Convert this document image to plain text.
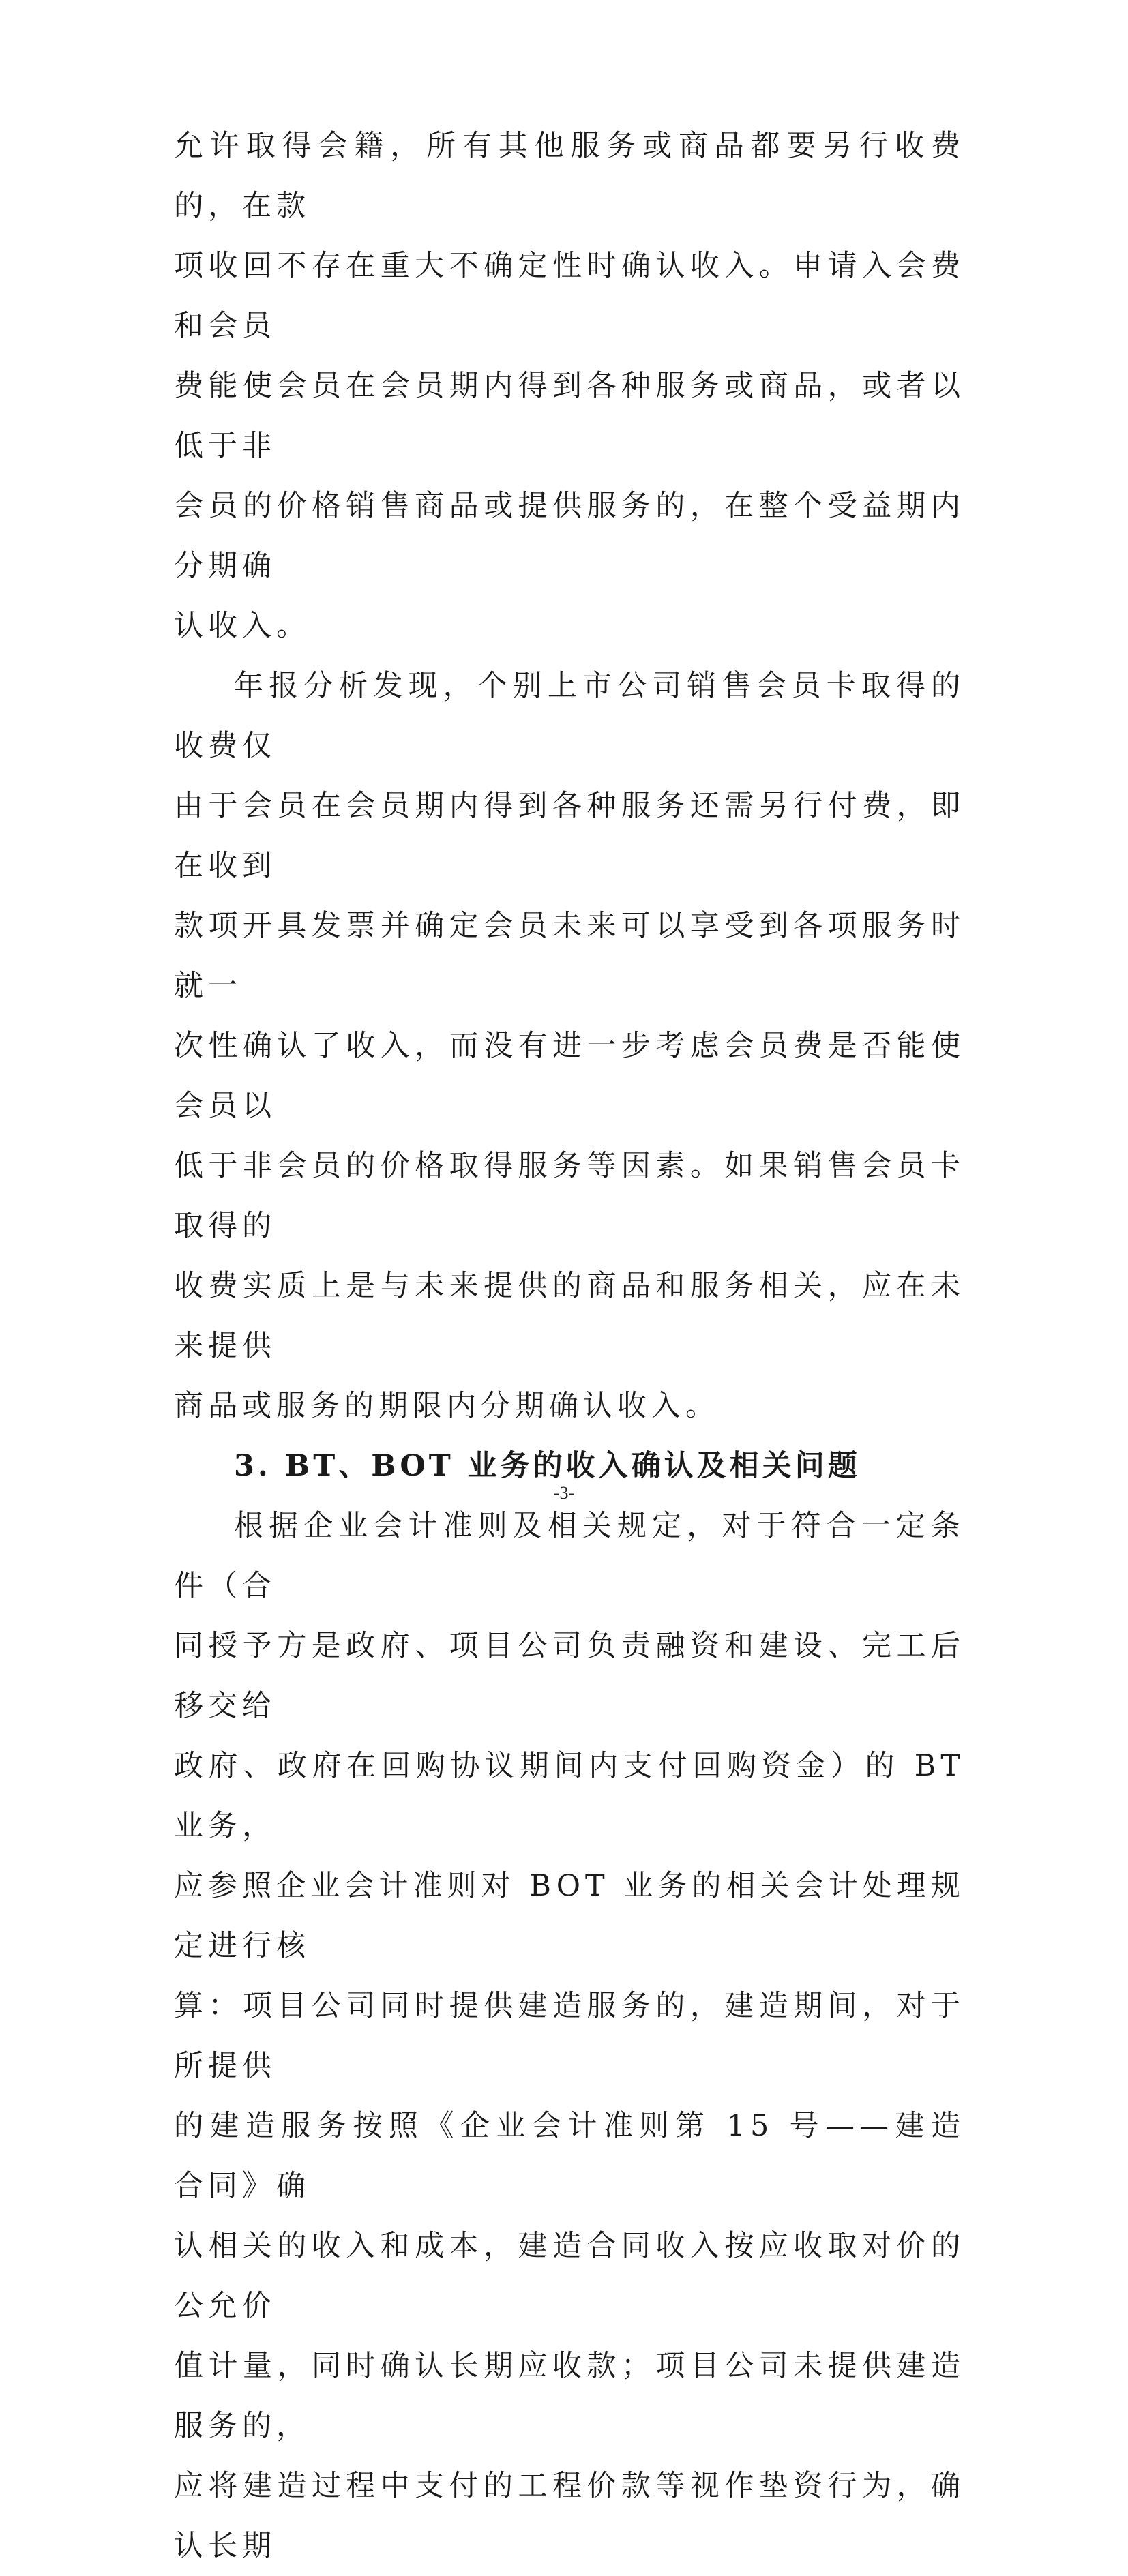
允许取得会籍，所有其他服务或商品都要另行收费的，在款
项收回不存在重大不确定性时确认收入。申请入会费和会员
费能使会员在会员期内得到各种服务或商品，或者以低于非
会员的价格销售商品或提供服务的，在整个受益期内分期确
认收入。

年报分析发现，个别上市公司销售会员卡取得的收费仅
由于会员在会员期内得到各种服务还需另行付费，即在收到
款项开具发票并确定会员未来可以享受到各项服务时就一
次性确认了收入，而没有进一步考虑会员费是否能使会员以
低于非会员的价格取得服务等因素。如果销售会员卡取得的
收费实质上是与未来提供的商品和服务相关，应在未来提供
商品或服务的期限内分期确认收入。

3. BT、BOT 业务的收入确认及相关问题

根据企业会计准则及相关规定，对于符合一定条件（合
同授予方是政府、项目公司负责融资和建设、完工后移交给
政府、政府在回购协议期间内支付回购资金）的 BT 业务，
应参照企业会计准则对 BOT 业务的相关会计处理规定进行核
算：项目公司同时提供建造服务的，建造期间，对于所提供
的建造服务按照《企业会计准则第 15 号——建造合同》确
认相关的收入和成本，建造合同收入按应收取对价的公允价
值计量，同时确认长期应收款；项目公司未提供建造服务的，
应将建造过程中支付的工程价款等视作垫资行为，确认长期

-3-
